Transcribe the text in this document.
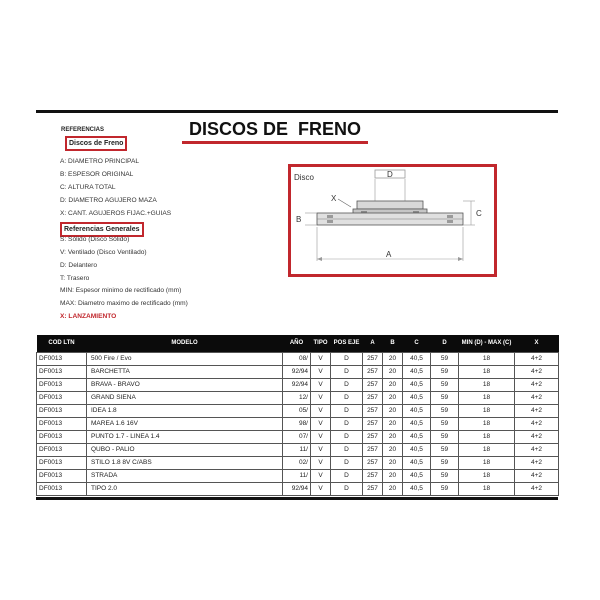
REFERENCIAS	DISCOS DE  FRENO
Discos de Freno
A: DIAMETRO PRINCIPAL
B: ESPESOR ORIGINAL
C: ALTURA TOTAL
D: DIAMETRO AGUJERO MAZA
X: CANT. AGUJEROS FIJAC.+GUIAS
Referencias Generales
S: Sólido (Disco Sólido)
V: Ventilado (Disco Ventilado)
D: Delantero
T: Trasero
MIN: Espesor minimo de rectificado (mm)
MAX: Diametro maximo de rectificado (mm)
X: LANZAMIENTO
Disco	D
X
B
C
A
COD LTN	MODELO	AÑO	TIPO	POS EJE	A	B	C	D	MIN (D) - MAX (C)	X
DF0013	500 Fire / Evo	08/	V	D	257	20	40,5	59	18	4+2
DF0013	BARCHETTA	92/94	V	D	257	20	40,5	59	18	4+2
DF0013	BRAVA - BRAVO	92/94	V	D	257	20	40,5	59	18	4+2
DF0013	GRAND SIENA	12/	V	D	257	20	40,5	59	18	4+2
DF0013	IDEA 1.8	05/	V	D	257	20	40,5	59	18	4+2
DF0013	MAREA 1.6 16V	98/	V	D	257	20	40,5	59	18	4+2
DF0013	PUNTO 1.7 - LINEA 1.4	07/	V	D	257	20	40,5	59	18	4+2
DF0013	QUBO - PALIO	11/	V	D	257	20	40,5	59	18	4+2
DF0013	STILO 1.8 8V C/ABS	02/	V	D	257	20	40,5	59	18	4+2
DF0013	STRADA	11/	V	D	257	20	40,5	59	18	4+2
DF0013	TIPO 2.0	92/94	V	D	257	20	40,5	59	18	4+2
